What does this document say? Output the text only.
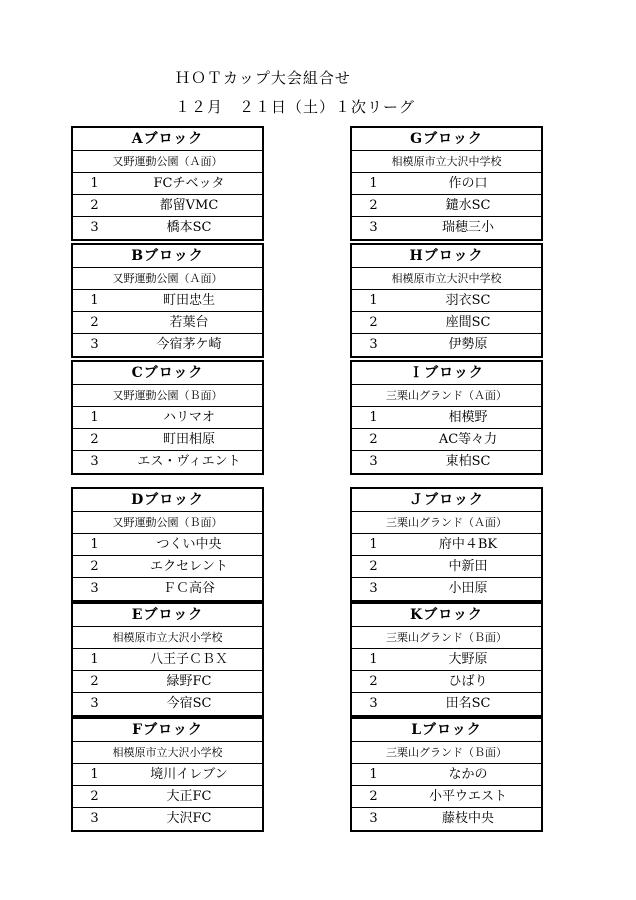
ＨＯＴカップ大会組合せ
１２月　２１日（土）１次リーグ
Aブロック
又野運動公園（Ａ面）
1	FCチベッタ
2	都留VMC
3	橋本SC
Bブロック
又野運動公園（Ａ面）
1	町田忠生
2	若葉台
3	今宿茅ケ崎
Cブロック
又野運動公園（Ｂ面）
1	ハリマオ
2	町田相原
3	エス・ヴィエント
Dブロック
又野運動公園（Ｂ面）
1	つくい中央
2	エクセレント
3	ＦＣ高谷
Eブロック
相模原市立大沢小学校
1	八王子ＣＢＸ
2	緑野FC
3	今宿SC
Fブロック
相模原市立大沢小学校
1	境川イレブン
2	大正FC
3	大沢FC
Gブロック
相模原市立大沢中学校
1	作の口
2	鑓水SC
3	瑞穂三小
Hブロック
相模原市立大沢中学校
1	羽衣SC
2	座間SC
3	伊勢原
Ｉブロック
三栗山グランド（Ａ面）
1	相模野
2	AC等々力
3	東柏SC
Ｊブロック
三栗山グランド（Ａ面）
1	府中４BK
2	中新田
3	小田原
Kブロック
三栗山グランド（Ｂ面）
1	大野原
2	ひばり
3	田名SC
Lブロック
三栗山グランド（Ｂ面）
1	なかの
2	小平ウエスト
3	藤枝中央
